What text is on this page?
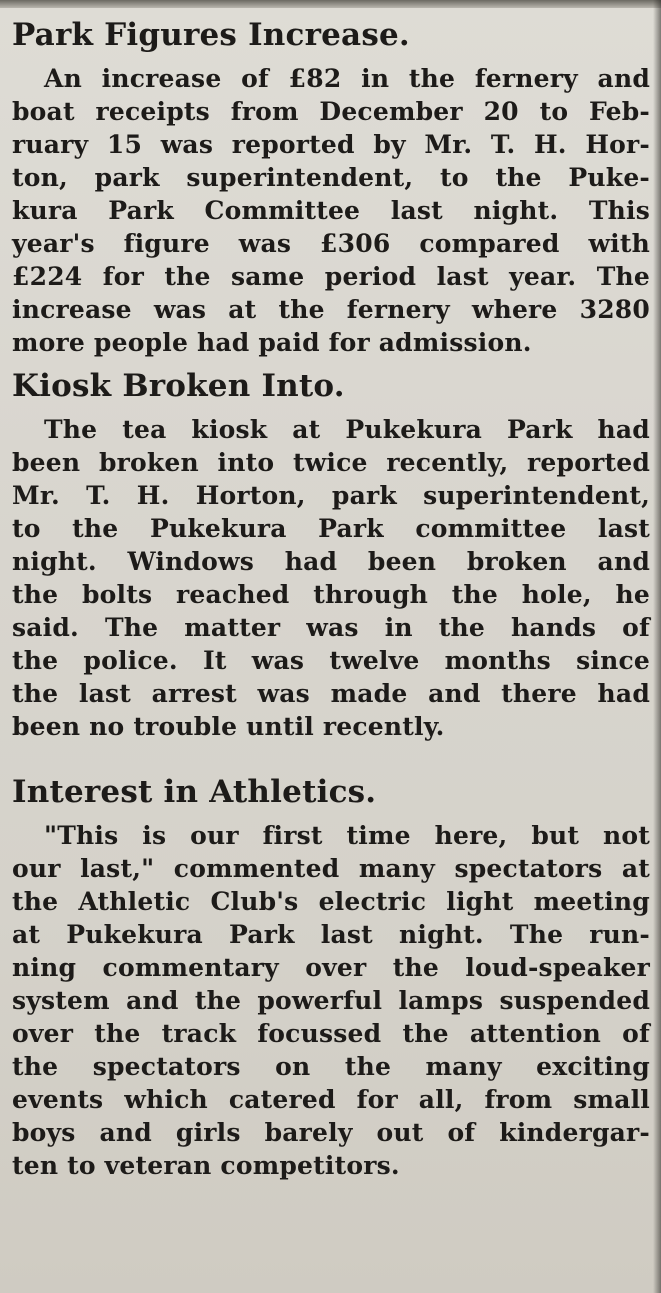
Park Figures Increase.
An increase of £82 in the fernery and
boat receipts from December 20 to Feb-
ruary 15 was reported by Mr. T. H. Hor-
ton, park superintendent, to the Puke-
kura Park Committee last night. This
year's figure was £306 compared with
£224 for the same period last year. The
increase was at the fernery where 3280
more people had paid for admission.
Kiosk Broken Into.
The tea kiosk at Pukekura Park had
been broken into twice recently, reported
Mr. T. H. Horton, park superintendent,
to the Pukekura Park committee last
night. Windows had been broken and
the bolts reached through the hole, he
said. The matter was in the hands of
the police. It was twelve months since
the last arrest was made and there had
been no trouble until recently.
Interest in Athletics.
"This is our first time here, but not
our last," commented many spectators at
the Athletic Club's electric light meeting
at Pukekura Park last night. The run-
ning commentary over the loud-speaker
system and the powerful lamps suspended
over the track focussed the attention of
the spectators on the many exciting
events which catered for all, from small
boys and girls barely out of kindergar-
ten to veteran competitors.
